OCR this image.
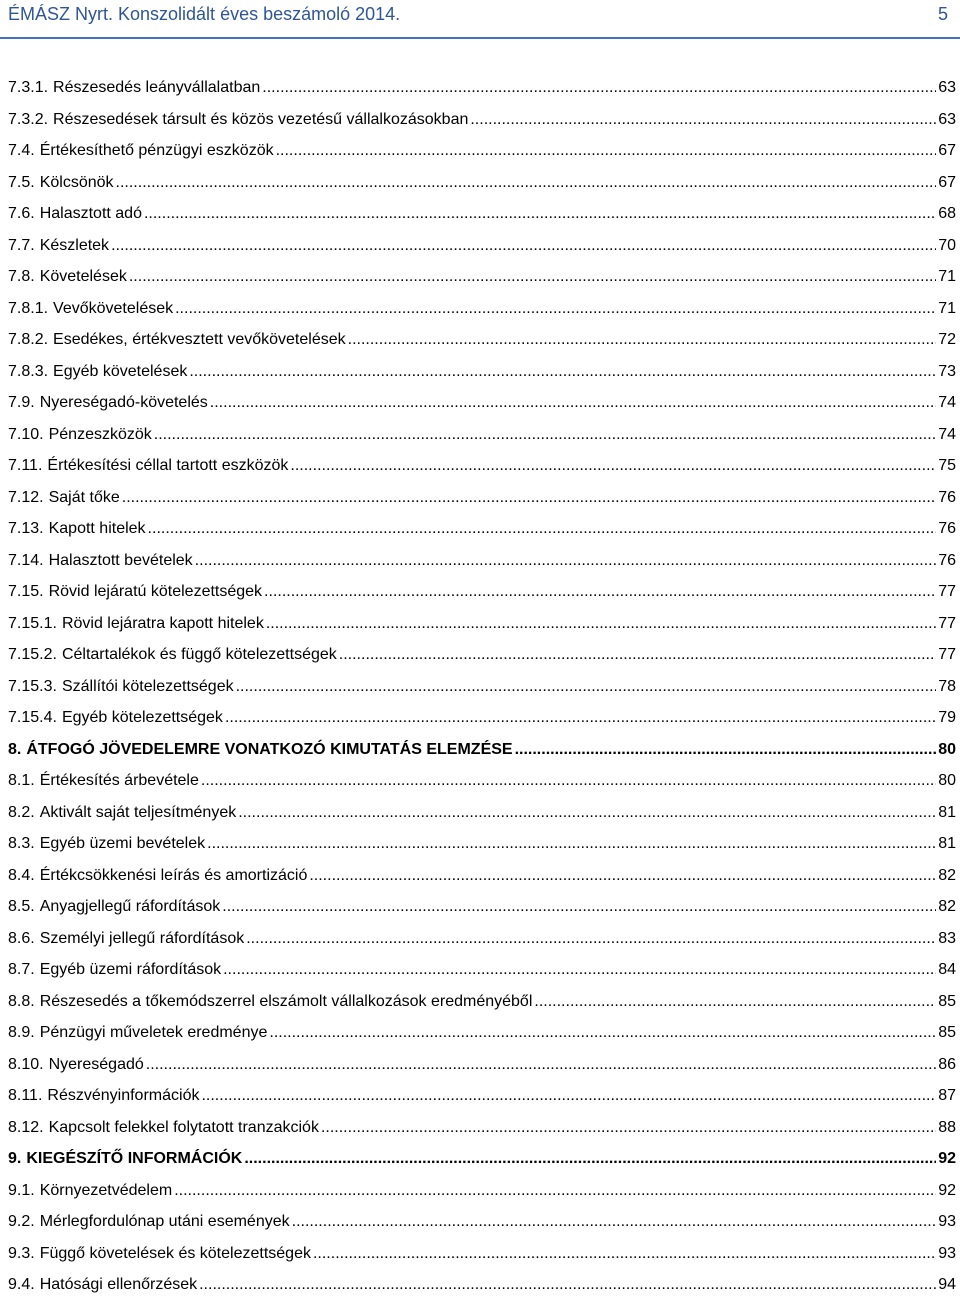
ÉMÁSZ Nyrt. Konszolidált éves beszámoló 2014.	5
7.3.1. Részesedés leányvállalatban .....	63
7.3.2. Részesedések társult és közös vezetésű vállalkozásokban .....	63
7.4. Értékesíthető pénzügyi eszközök .....	67
7.5. Kölcsönök .....	67
7.6. Halasztott adó .....	68
7.7. Készletek .....	70
7.8. Követelések .....	71
7.8.1. Vevőkövetelések .....	71
7.8.2. Esedékes, értékvesztett vevőkövetelések .....	72
7.8.3. Egyéb követelések .....	73
7.9. Nyereségadó-követelés .....	74
7.10. Pénzeszközök .....	74
7.11. Értékesítési céllal tartott eszközök .....	75
7.12. Saját tőke .....	76
7.13. Kapott hitelek .....	76
7.14. Halasztott bevételek .....	76
7.15. Rövid lejáratú kötelezettségek .....	77
7.15.1. Rövid lejáratra kapott hitelek .....	77
7.15.2. Céltartalékok és függő kötelezettségek .....	77
7.15.3. Szállítói kötelezettségek .....	78
7.15.4. Egyéb kötelezettségek .....	79
8. ÁTFOGÓ JÖVEDELEMRE VONATKOZÓ KIMUTATÁS ELEMZÉSE .....	80
8.1. Értékesítés árbevétele .....	80
8.2. Aktivált saját teljesítmények .....	81
8.3. Egyéb üzemi bevételek .....	81
8.4. Értékcsökkenési leírás és amortizáció .....	82
8.5. Anyagjellegű ráfordítások .....	82
8.6. Személyi jellegű ráfordítások .....	83
8.7. Egyéb üzemi ráfordítások .....	84
8.8. Részesedés a tőkemódszerrel elszámolt vállalkozások eredményéből .....	85
8.9. Pénzügyi műveletek eredménye .....	85
8.10. Nyereségadó .....	86
8.11. Részvényinformációk .....	87
8.12. Kapcsolt felekkel folytatott tranzakciók .....	88
9. KIEGÉSZÍTŐ INFORMÁCIÓK .....	92
9.1. Környezetvédelem .....	92
9.2. Mérlegfordulónap utáni események .....	93
9.3. Függő követelések és kötelezettségek .....	93
9.4. Hatósági ellenőrzések .....	94
